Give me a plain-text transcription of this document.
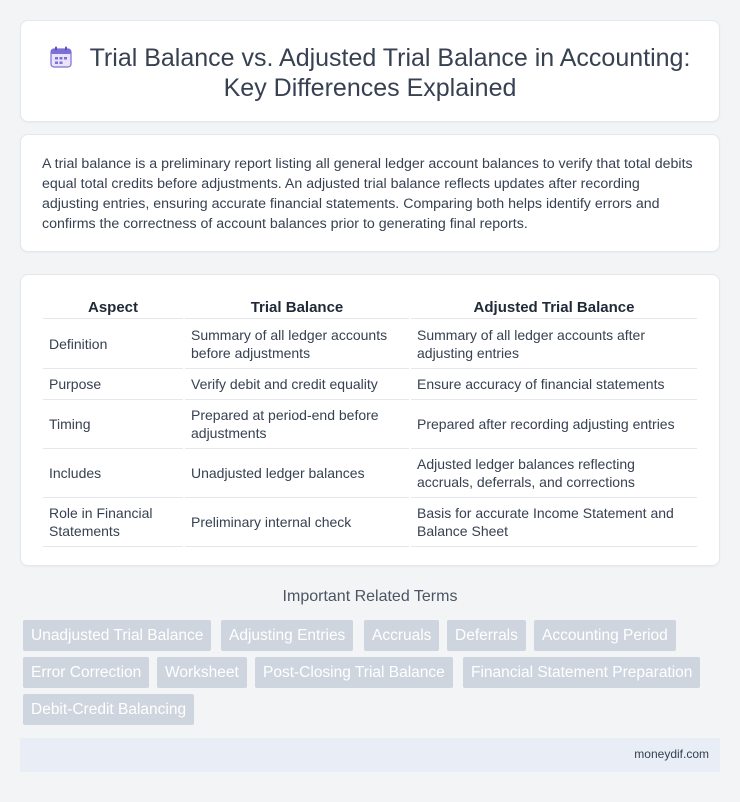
Trial Balance vs. Adjusted Trial Balance in Accounting:
Key Differences Explained

A trial balance is a preliminary report listing all general ledger account balances to verify that total debits equal total credits before adjustments. An adjusted trial balance reflects updates after recording adjusting entries, ensuring accurate financial statements. Comparing both helps identify errors and confirms the correctness of account balances prior to generating final reports.

Aspect	Trial Balance	Adjusted Trial Balance
Definition	Summary of all ledger accounts before adjustments	Summary of all ledger accounts after adjusting entries
Purpose	Verify debit and credit equality	Ensure accuracy of financial statements
Timing	Prepared at period-end before adjustments	Prepared after recording adjusting entries
Includes	Unadjusted ledger balances	Adjusted ledger balances reflecting accruals, deferrals, and corrections
Role in Financial Statements	Preliminary internal check	Basis for accurate Income Statement and Balance Sheet
Important Related Terms
Unadjusted Trial Balance	Adjusting Entries	Accruals	Deferrals	Accounting Period
Error Correction	Worksheet	Post-Closing Trial Balance	Financial Statement Preparation
Debit-Credit Balancing
moneydif.com
